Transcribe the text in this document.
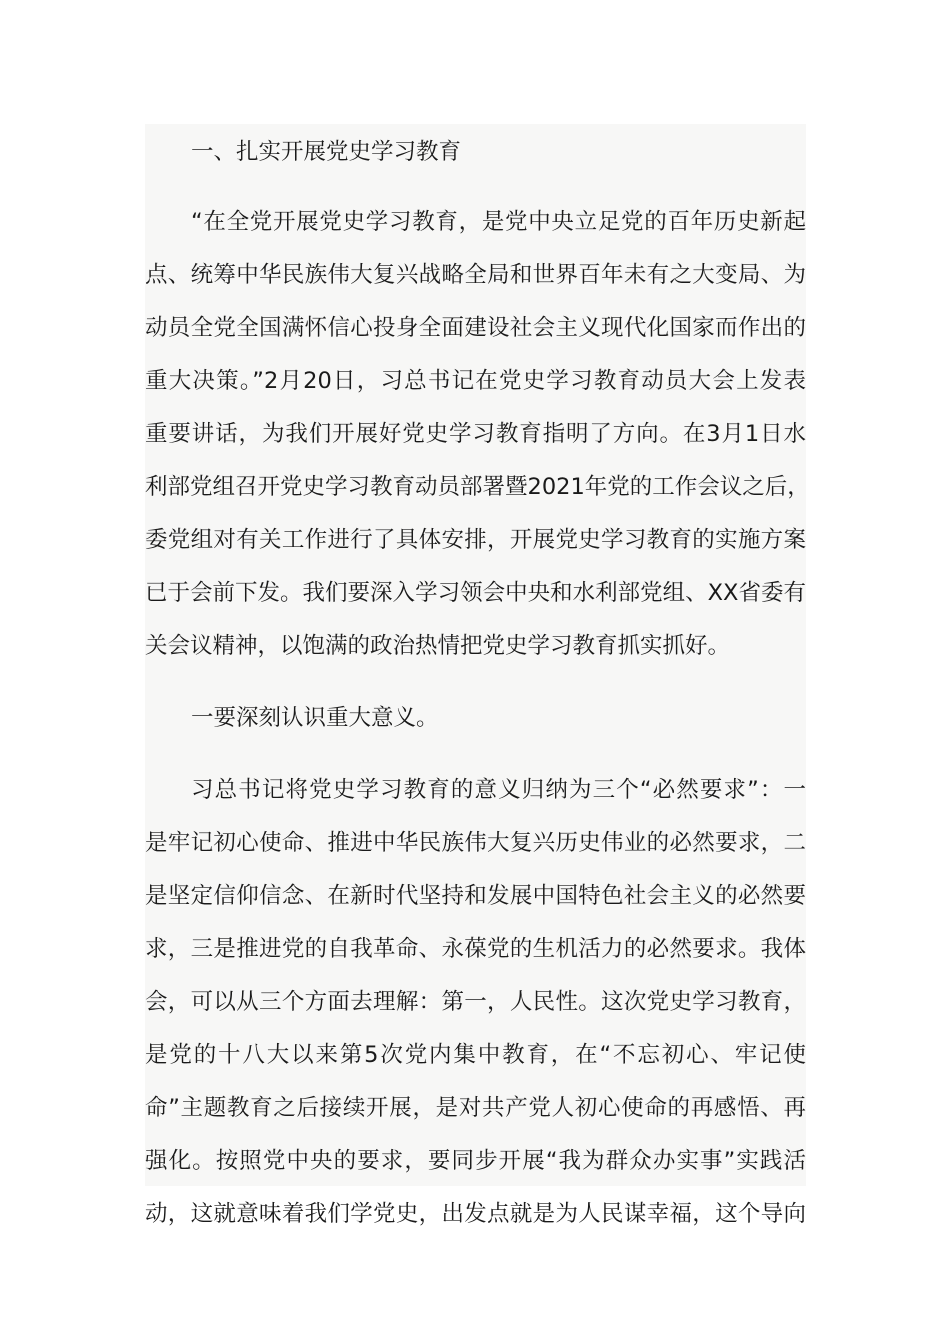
一、扎实开展党史学习教育
“在全党开展党史学习教育，是党中央立足党的百年历史新起
点、统筹中华民族伟大复兴战略全局和世界百年未有之大变局、为
动员全党全国满怀信心投身全面建设社会主义现代化国家而作出的
重大决策。”2月20日，习总书记在党史学习教育动员大会上发表
重要讲话，为我们开展好党史学习教育指明了方向。在3月1日水
利部党组召开党史学习教育动员部署暨2021年党的工作会议之后，
委党组对有关工作进行了具体安排，开展党史学习教育的实施方案
已于会前下发。我们要深入学习领会中央和水利部党组、XX省委有
关会议精神，以饱满的政治热情把党史学习教育抓实抓好。
一要深刻认识重大意义。
习总书记将党史学习教育的意义归纳为三个“必然要求”：一
是牢记初心使命、推进中华民族伟大复兴历史伟业的必然要求，二
是坚定信仰信念、在新时代坚持和发展中国特色社会主义的必然要
求，三是推进党的自我革命、永葆党的生机活力的必然要求。我体
会，可以从三个方面去理解：第一，人民性。这次党史学习教育，
是党的十八大以来第5次党内集中教育，在“不忘初心、牢记使
命”主题教育之后接续开展，是对共产党人初心使命的再感悟、再
强化。按照党中央的要求，要同步开展“我为群众办实事”实践活
动，这就意味着我们学党史，出发点就是为人民谋幸福，这个导向
